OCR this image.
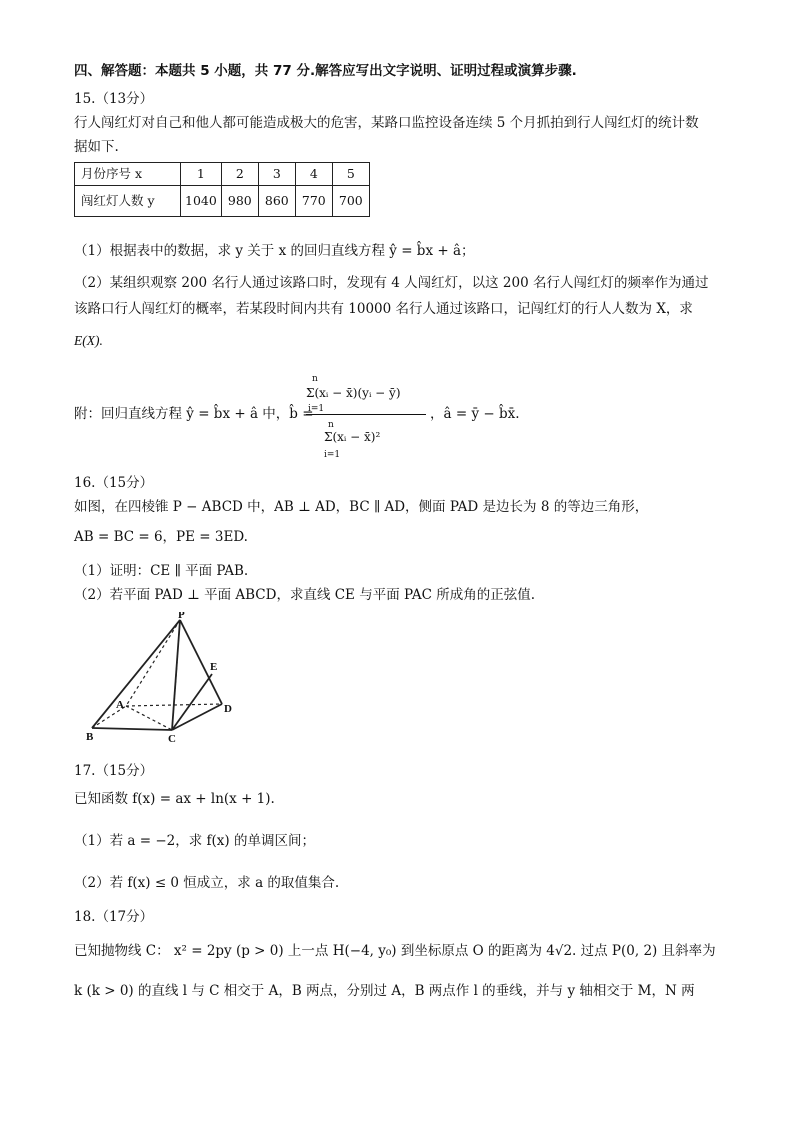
四、解答题：本题共 5 小题，共 77 分.解答应写出文字说明、证明过程或演算步骤.
15.（13分）
行人闯红灯对自己和他人都可能造成极大的危害，某路口监控设备连续 5 个月抓拍到行人闯红灯的统计数
据如下.
月份序号 x	1	2	3	4	5
闯红灯人数 y	1040	980	860	770	700
（1）根据表中的数据，求 y 关于 x 的回归直线方程 ŷ = b̂x + â；
（2）某组织观察 200 名行人通过该路口时，发现有 4 人闯红灯，以这 200 名行人闯红灯的频率作为通过
该路口行人闯红灯的概率，若某段时间内共有 10000 名行人通过该路口，记闯红灯的行人人数为 X，求
E(X).
附：回归直线方程 ŷ = b̂x + â 中，b̂ =
n
Σ(xᵢ − x̄)(yᵢ − ȳ)
i=1
n
Σ(xᵢ − x̄)²
i=1
，â = ȳ − b̂x̄.
16.（15分）
如图，在四棱锥 P − ABCD 中，AB ⊥ AD，BC ∥ AD，侧面 PAD 是边长为 8 的等边三角形，
AB = BC = 6，PE = 3ED.
（1）证明：CE ∥ 平面 PAB.
（2）若平面 PAD ⊥ 平面 ABCD，求直线 CE 与平面 PAC 所成角的正弦值.
P
E
A	D
B	C
17.（15分）
已知函数 f(x) = ax + ln(x + 1).
（1）若 a = −2，求 f(x) 的单调区间；
（2）若 f(x) ≤ 0 恒成立，求 a 的取值集合.
18.（17分）
已知抛物线 C： x² = 2py (p > 0) 上一点 H(−4, y₀) 到坐标原点 O 的距离为 4√2. 过点 P(0, 2) 且斜率为
k (k > 0) 的直线 l 与 C 相交于 A，B 两点，分别过 A，B 两点作 l 的垂线，并与 y 轴相交于 M，N 两
